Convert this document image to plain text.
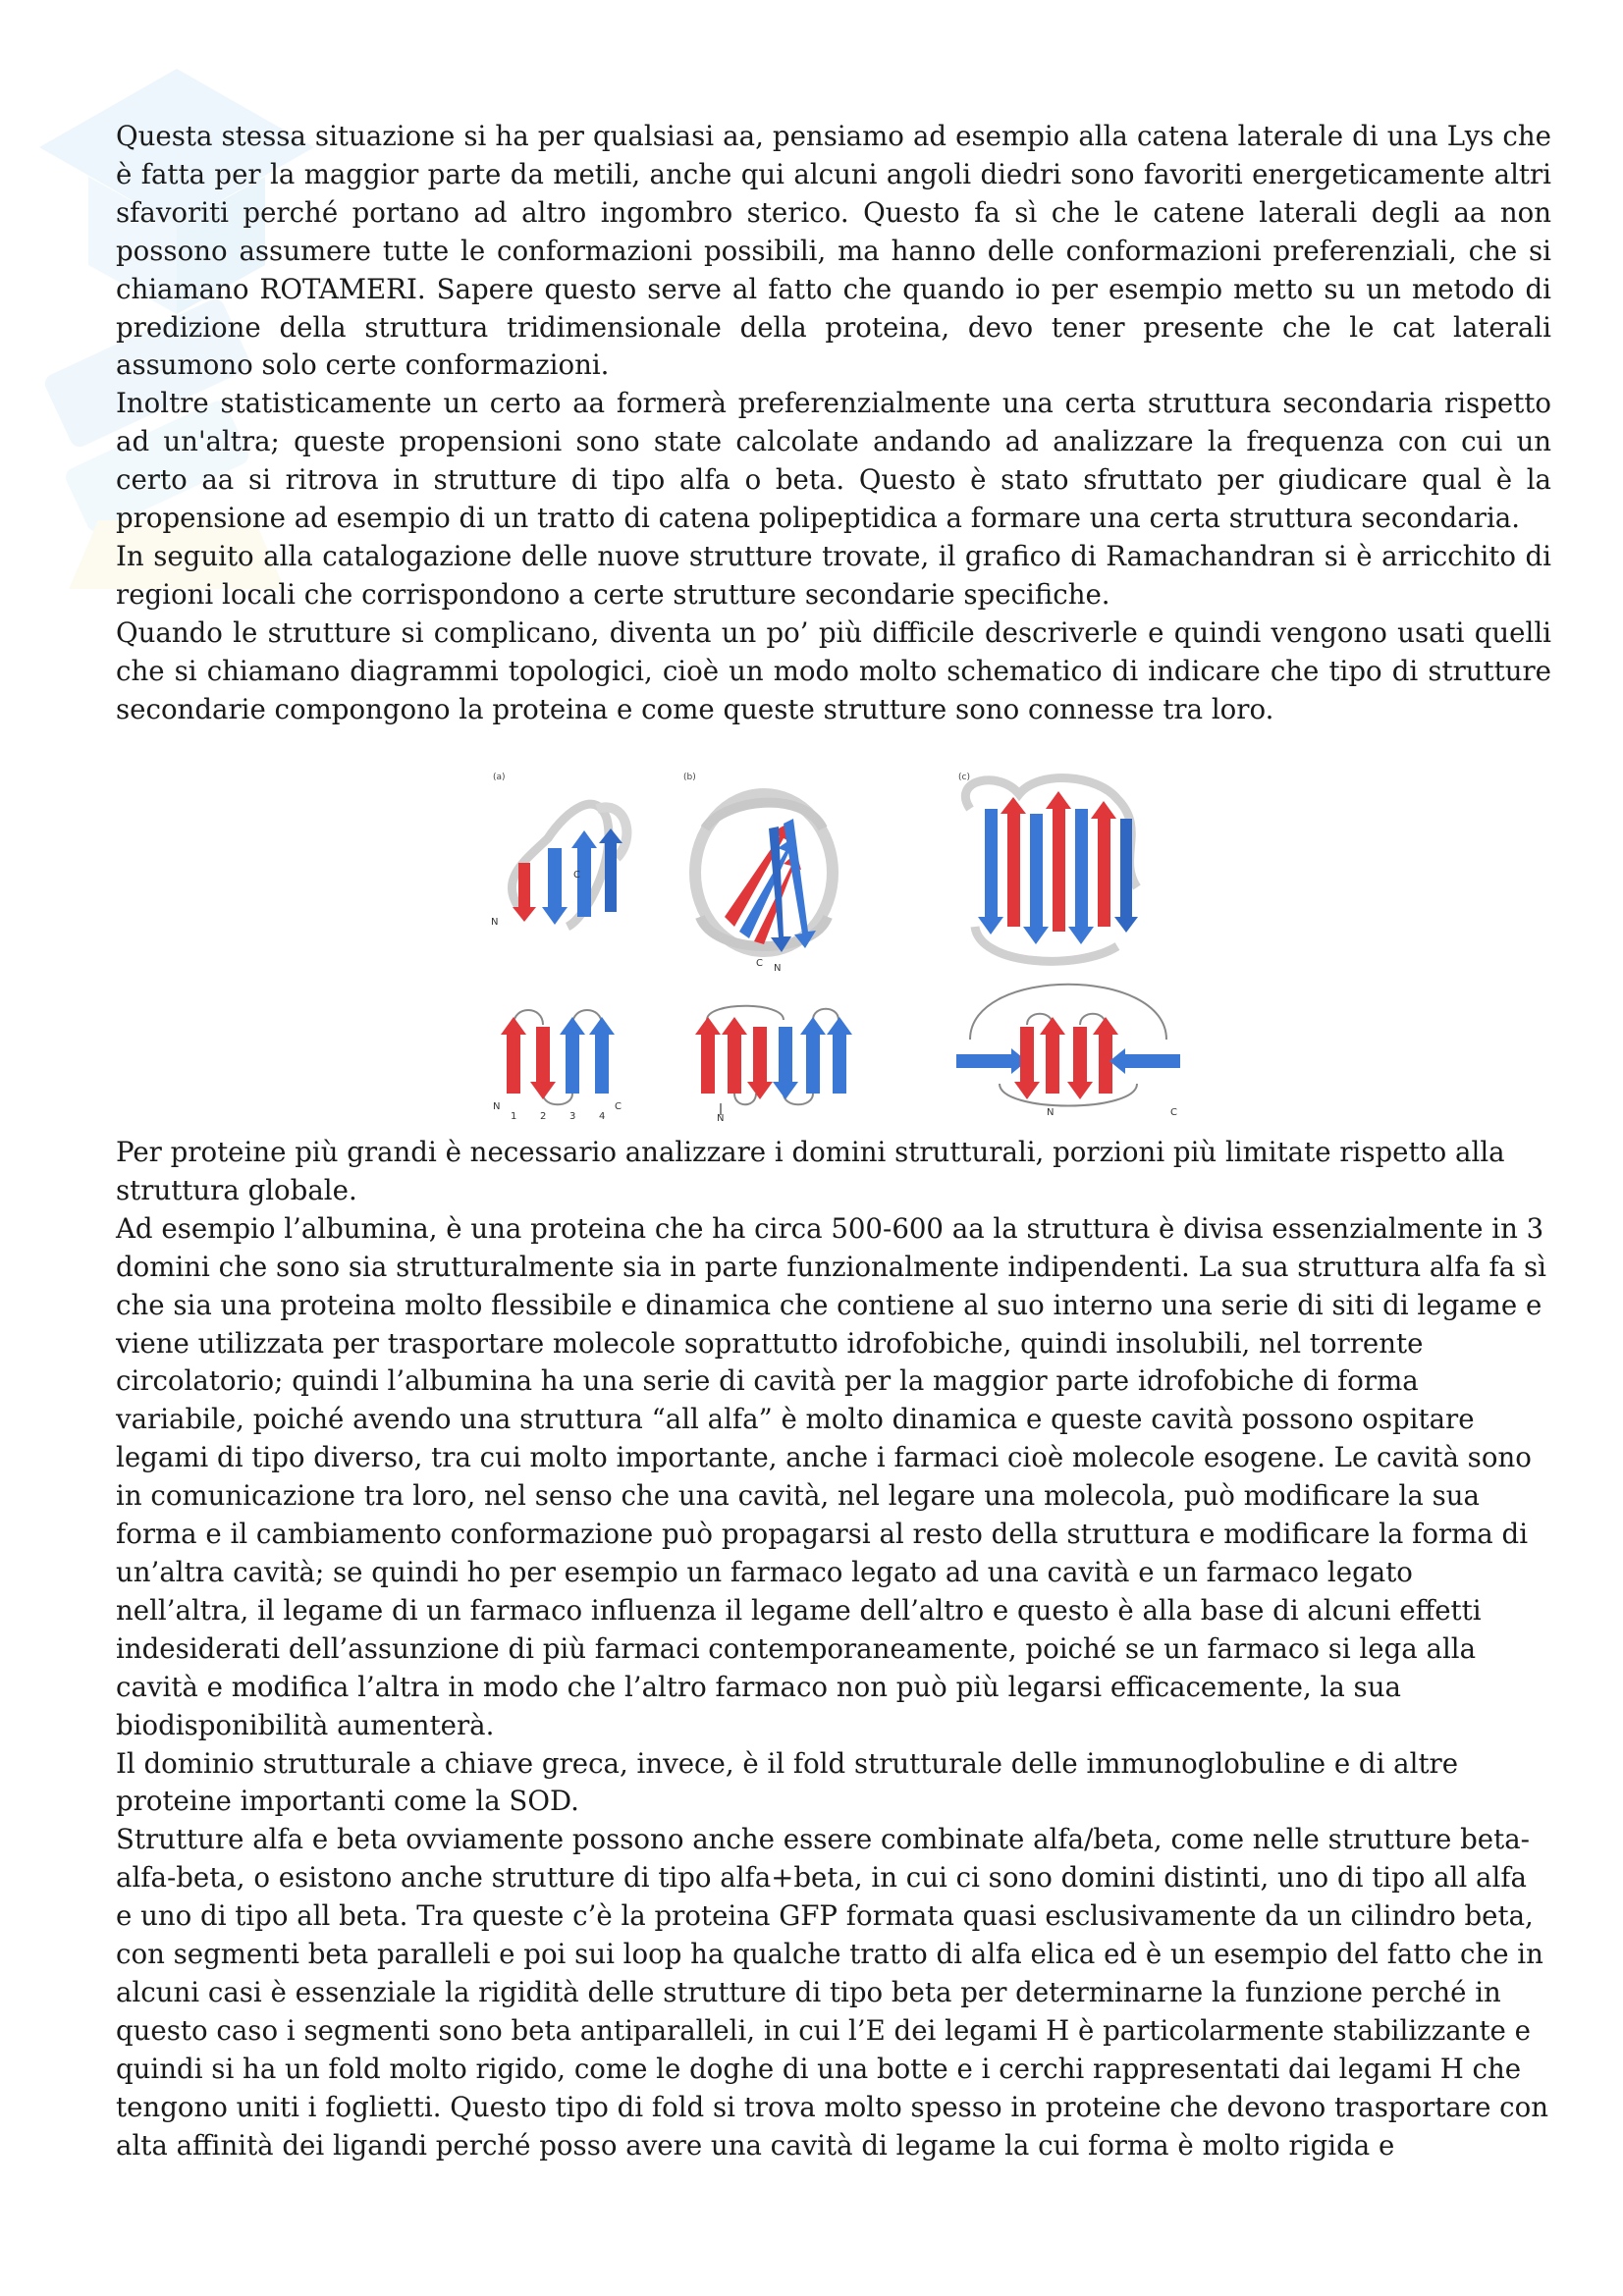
Questa stessa situazione si ha per qualsiasi aa, pensiamo ad esempio alla catena laterale di una Lys che è fatta per la maggior parte da metili, anche qui alcuni angoli diedri sono favoriti energeticamente altri sfavoriti perché portano ad altro ingombro sterico. Questo fa sì che le catene laterali degli aa non possono assumere tutte le conformazioni possibili, ma hanno delle conformazioni preferenziali, che si chiamano ROTAMERI. Sapere questo serve al fatto che quando io per esempio metto su un metodo di predizione della struttura tridimensionale della proteina, devo tener presente che le cat laterali assumono solo certe conformazioni.

Inoltre statisticamente un certo aa formerà preferenzialmente una certa struttura secondaria rispetto ad un'altra; queste propensioni sono state calcolate andando ad analizzare la frequenza con cui un certo aa si ritrova in strutture di tipo alfa o beta. Questo è stato sfruttato per giudicare qual è la propensione ad esempio di un tratto di catena polipeptidica a formare una certa struttura secondaria.

In seguito alla catalogazione delle nuove strutture trovate, il grafico di Ramachandran si è arricchito di regioni locali che corrispondono a certe strutture secondarie specifiche.

Quando le strutture si complicano, diventa un po’ più difficile descriverle e quindi vengono usati quelli che si chiamano diagrammi topologici, cioè un modo molto schematico di indicare che tipo di strutture secondarie compongono la proteina e come queste strutture sono connesse tra loro.

(a)	(b)	(c)
N
C
C N
N	C
1 2 3 4	N
N	C

Per proteine più grandi è necessario analizzare i domini strutturali, porzioni più limitate rispetto alla struttura globale.

Ad esempio l’albumina, è una proteina che ha circa 500-600 aa la struttura è divisa essenzialmente in 3 domini che sono sia strutturalmente sia in parte funzionalmente indipendenti. La sua struttura alfa fa sì che sia una proteina molto flessibile e dinamica che contiene al suo interno una serie di siti di legame e viene utilizzata per trasportare molecole soprattutto idrofobiche, quindi insolubili, nel torrente circolatorio; quindi l’albumina ha una serie di cavità per la maggior parte idrofobiche di forma variabile, poiché avendo una struttura “all alfa” è molto dinamica e queste cavità possono ospitare legami di tipo diverso, tra cui molto importante, anche i farmaci cioè molecole esogene. Le cavità sono in comunicazione tra loro, nel senso che una cavità, nel legare una molecola, può modificare la sua forma e il cambiamento conformazione può propagarsi al resto della struttura e modificare la forma di un’altra cavità; se quindi ho per esempio un farmaco legato ad una cavità e un farmaco legato nell’altra, il legame di un farmaco influenza il legame dell’altro e questo è alla base di alcuni effetti indesiderati dell’assunzione di più farmaci contemporaneamente, poiché se un farmaco si lega alla cavità e modifica l’altra in modo che l’altro farmaco non può più legarsi efficacemente, la sua biodisponibilità aumenterà.

Il dominio strutturale a chiave greca, invece, è il fold strutturale delle immunoglobuline e di altre proteine importanti come la SOD.

Strutture alfa e beta ovviamente possono anche essere combinate alfa/beta, come nelle strutture beta-alfa-beta, o esistono anche strutture di tipo alfa+beta, in cui ci sono domini distinti, uno di tipo all alfa e uno di tipo all beta. Tra queste c’è la proteina GFP formata quasi esclusivamente da un cilindro beta, con segmenti beta paralleli e poi sui loop ha qualche tratto di alfa elica ed è un esempio del fatto che in alcuni casi è essenziale la rigidità delle strutture di tipo beta per determinarne la funzione perché in questo caso i segmenti sono beta antiparalleli, in cui l’E dei legami H è particolarmente stabilizzante e quindi si ha un fold molto rigido, come le doghe di una botte e i cerchi rappresentati dai legami H che tengono uniti i foglietti. Questo tipo di fold si trova molto spesso in proteine che devono trasportare con alta affinità dei ligandi perché posso avere una cavità di legame la cui forma è molto rigida e
